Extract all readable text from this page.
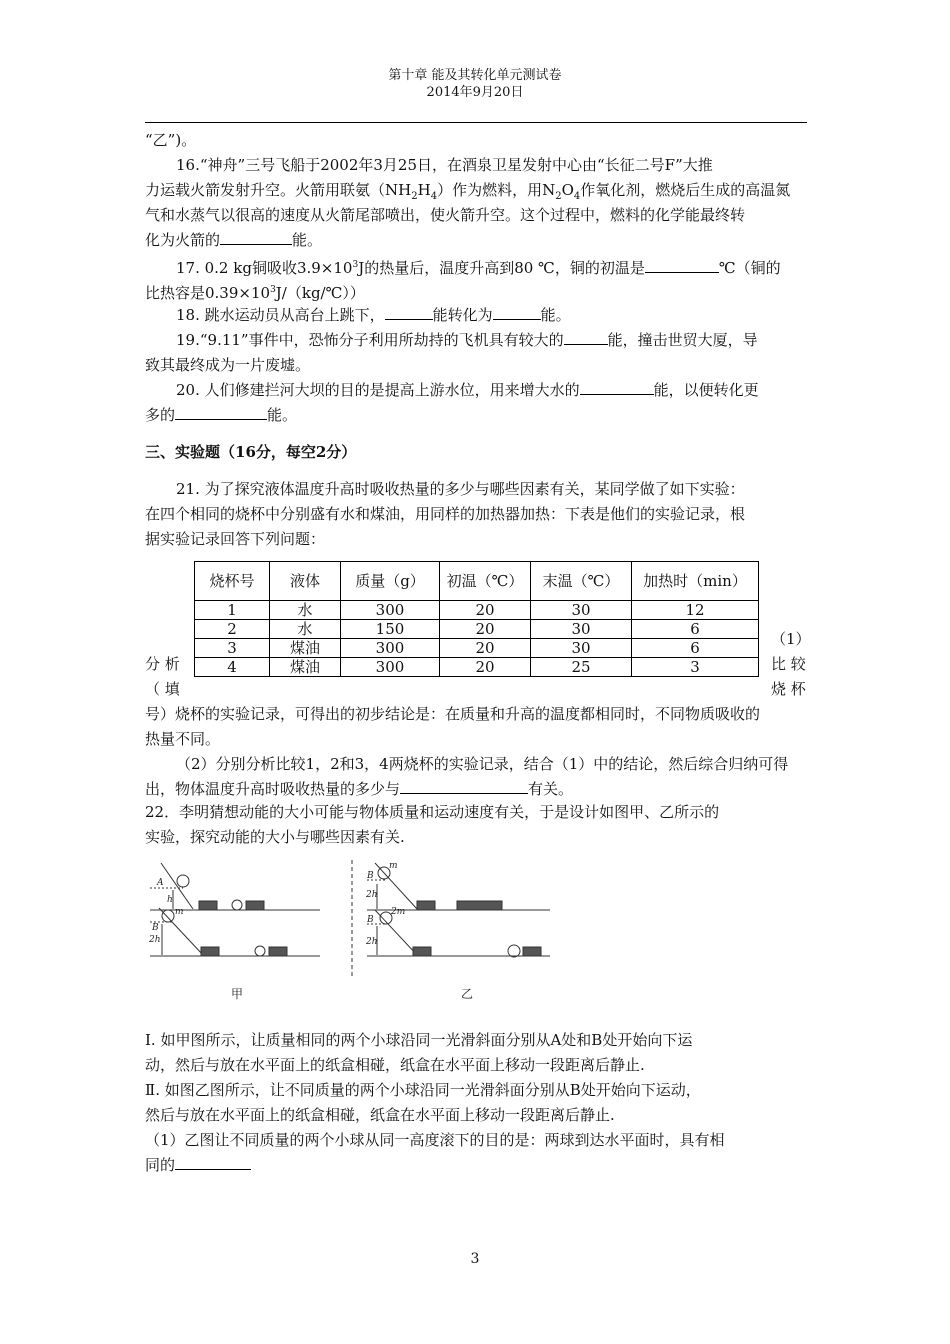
第十章 能及其转化单元测试卷
2014年9月20日
“乙”)。
16.“神舟”三号飞船于2002年3月25日，在酒泉卫星发射中心由“长征二号F”大推
力运载火箭发射升空。火箭用联氨$(NH_2H_4)$作为燃料，用$N_2O_4$作氧化剂，燃烧后生成的高温氮
气和水蒸气以很高的速度从火箭尾部喷出，使火箭升空。这个过程中，燃料的化学能最终转
化为火箭的	能。
17. 0.2 kg铜吸收$3.9\times 10^3J$的热量后，温度升高到80 ℃，铜的初温是	℃（铜的
比热容是$0.39\times 10^3J/(kg/℃)$）
18. 跳水运动员从高台上跳下，	能转化为	能。
19.“9.11”事件中，恐怖分子利用所劫持的飞机具有较大的	能，撞击世贸大厦，导
致其最终成为一片废墟。
20. 人们修建拦河大坝的目的是提高上游水位，用来增大水的	能，以便转化更
多的	能。
三、实验题（16分，每空2分）
21. 为了探究液体温度升高时吸收热量的多少与哪些因素有关，某同学做了如下实验：
在四个相同的烧杯中分别盛有水和煤油，用同样的加热器加热：下表是他们的实验记录，根
据实验记录回答下列问题：
烧杯号	液体	质量（g）	初温（℃）	末温（℃）	加热时（min）
1	水	300	20	30	12
2	水	150	20	30	6
3	煤油	300	20	30	6
4	煤油	300	20	25	3
分 析
（ 填
（1）
比 较
烧 杯
号）烧杯的实验记录，可得出的初步结论是：在质量和升高的温度都相同时，不同物质吸收的
热量不同。
（2）分别分析比较1，2和3，4两烧杯的实验记录，结合（1）中的结论，然后综合归纳可得
出，物体温度升高时吸收热量的多少与	有关。
22．李明猜想动能的大小可能与物体质量和运动速度有关，于是设计如图甲、乙所示的
实验，探究动能的大小与哪些因素有关.
A
h
m
B
2h
m
B
2h
2m
B
2h
甲	乙
Ⅰ. 如甲图所示，让质量相同的两个小球沿同一光滑斜面分别从A处和B处开始向下运
动，然后与放在水平面上的纸盒相碰，纸盒在水平面上移动一段距离后静止.
Ⅱ. 如图乙图所示，让不同质量的两个小球沿同一光滑斜面分别从B处开始向下运动，
然后与放在水平面上的纸盒相碰，纸盒在水平面上移动一段距离后静止.
（1）乙图让不同质量的两个小球从同一高度滚下的目的是：两球到达水平面时，具有相
同的
3
